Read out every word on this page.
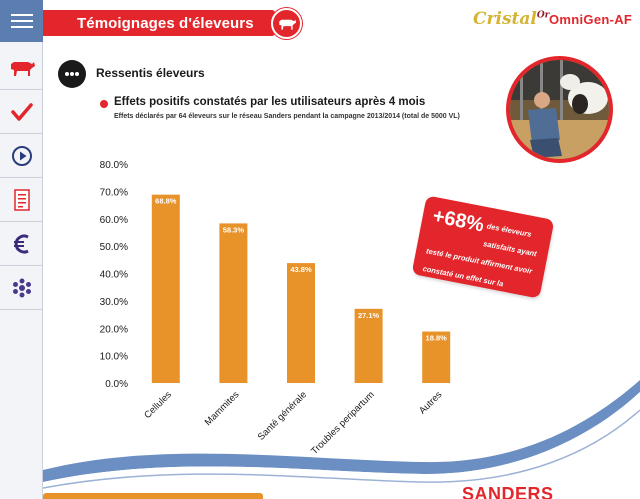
Témoignages d'éleveurs	Cristal$^{Or}$ OmniGen-AF
Ressentis éleveurs
Effets positifs constatés par les utilisateurs après 4 mois
Effets déclarés par 64 éleveurs sur le réseau Sanders pendant la campagne 2013/2014 (total de 5000 VL)
0.0%
10.0%
20.0%
30.0%
40.0%
50.0%
60.0%
70.0%
80.0%
68.8%
Cellules
58.3%
Mammites
43.8%
Santé générale
27.1%
Troubles peripartum
18.8%
Autres
+68% des éleveurs satisfaits ayant testé le produit affirment avoir constaté un effet sur la mamelle.
SANDERS
